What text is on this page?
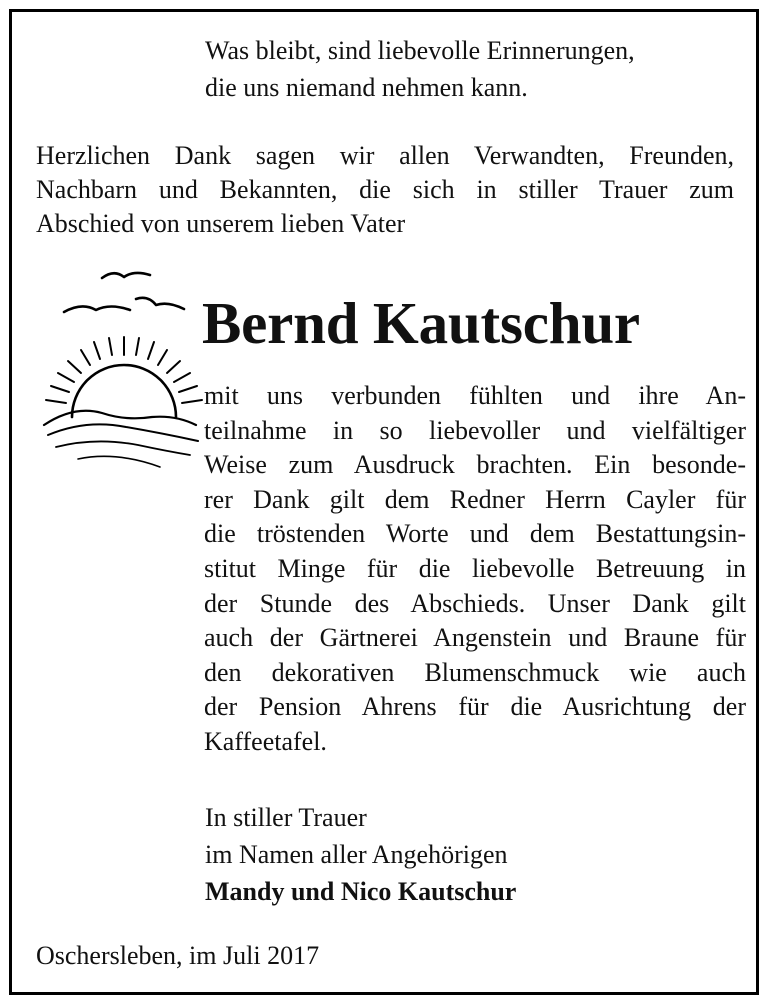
Was bleibt, sind liebevolle Erinnerungen,
die uns niemand nehmen kann.
Herzlichen Dank sagen wir allen Verwandten, Freunden,
Nachbarn und Bekannten, die sich in stiller Trauer zum
Abschied von unserem lieben Vater
Bernd Kautschur
mit uns verbunden fühlten und ihre An-
teilnahme in so liebevoller und vielfältiger
Weise zum Ausdruck brachten. Ein besonde-
rer Dank gilt dem Redner Herrn Cayler für
die tröstenden Worte und dem Bestattungsin-
stitut Minge für die liebevolle Betreuung in
der Stunde des Abschieds. Unser Dank gilt
auch der Gärtnerei Angenstein und Braune für
den dekorativen Blumenschmuck wie auch
der Pension Ahrens für die Ausrichtung der
Kaffeetafel.
In stiller Trauer
im Namen aller Angehörigen
Mandy und Nico Kautschur
Oschersleben, im Juli 2017
